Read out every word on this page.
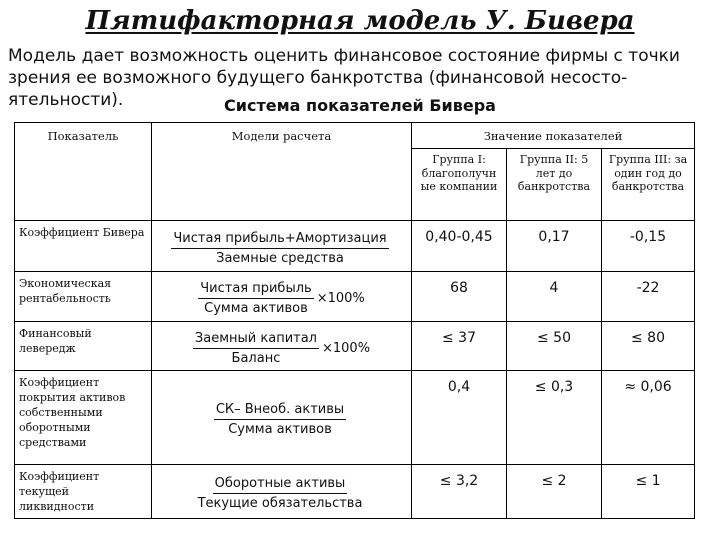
Пятифакторная модель У. Бивера
Модель дает возможность оценить финансовое состояние фирмы с точки зрения ее возможного будущего банкротства (финансовой несосто-ятельности).	Система показателей Бивера
Показатель	Модели расчета	Значение показателей		
		Группа I: благополучн ые компании	Группа II: 5 лет до банкротства	Группа III: за один год до банкротства
Коэффициент Бивера	$\frac{\text{Чистая прибыль+Амортизация}}{\text{Заемные средства}}$	0,40-0,45	0,17	-0,15
Экономическая рентабельность	$\frac{\text{Чистая прибыль}}{\text{Сумма активов}} \times 100\%$	68	4	-22
Финансовый левередж	$\frac{\text{Заемный капитал}}{\text{Баланс}} \times 100\%$	≤ 37	≤ 50	≤ 80
Коэффициент покрытия активов собственными оборотными средствами	$\frac{\text{СК– Внеоб. активы}}{\text{Сумма активов}}$	0,4	≤ 0,3	≈ 0,06
Коэффициент текущей ликвидности	$\frac{\text{Оборотные активы}}{\text{Текущие обязательства}}$	≤ 3,2	≤ 2	≤ 1
